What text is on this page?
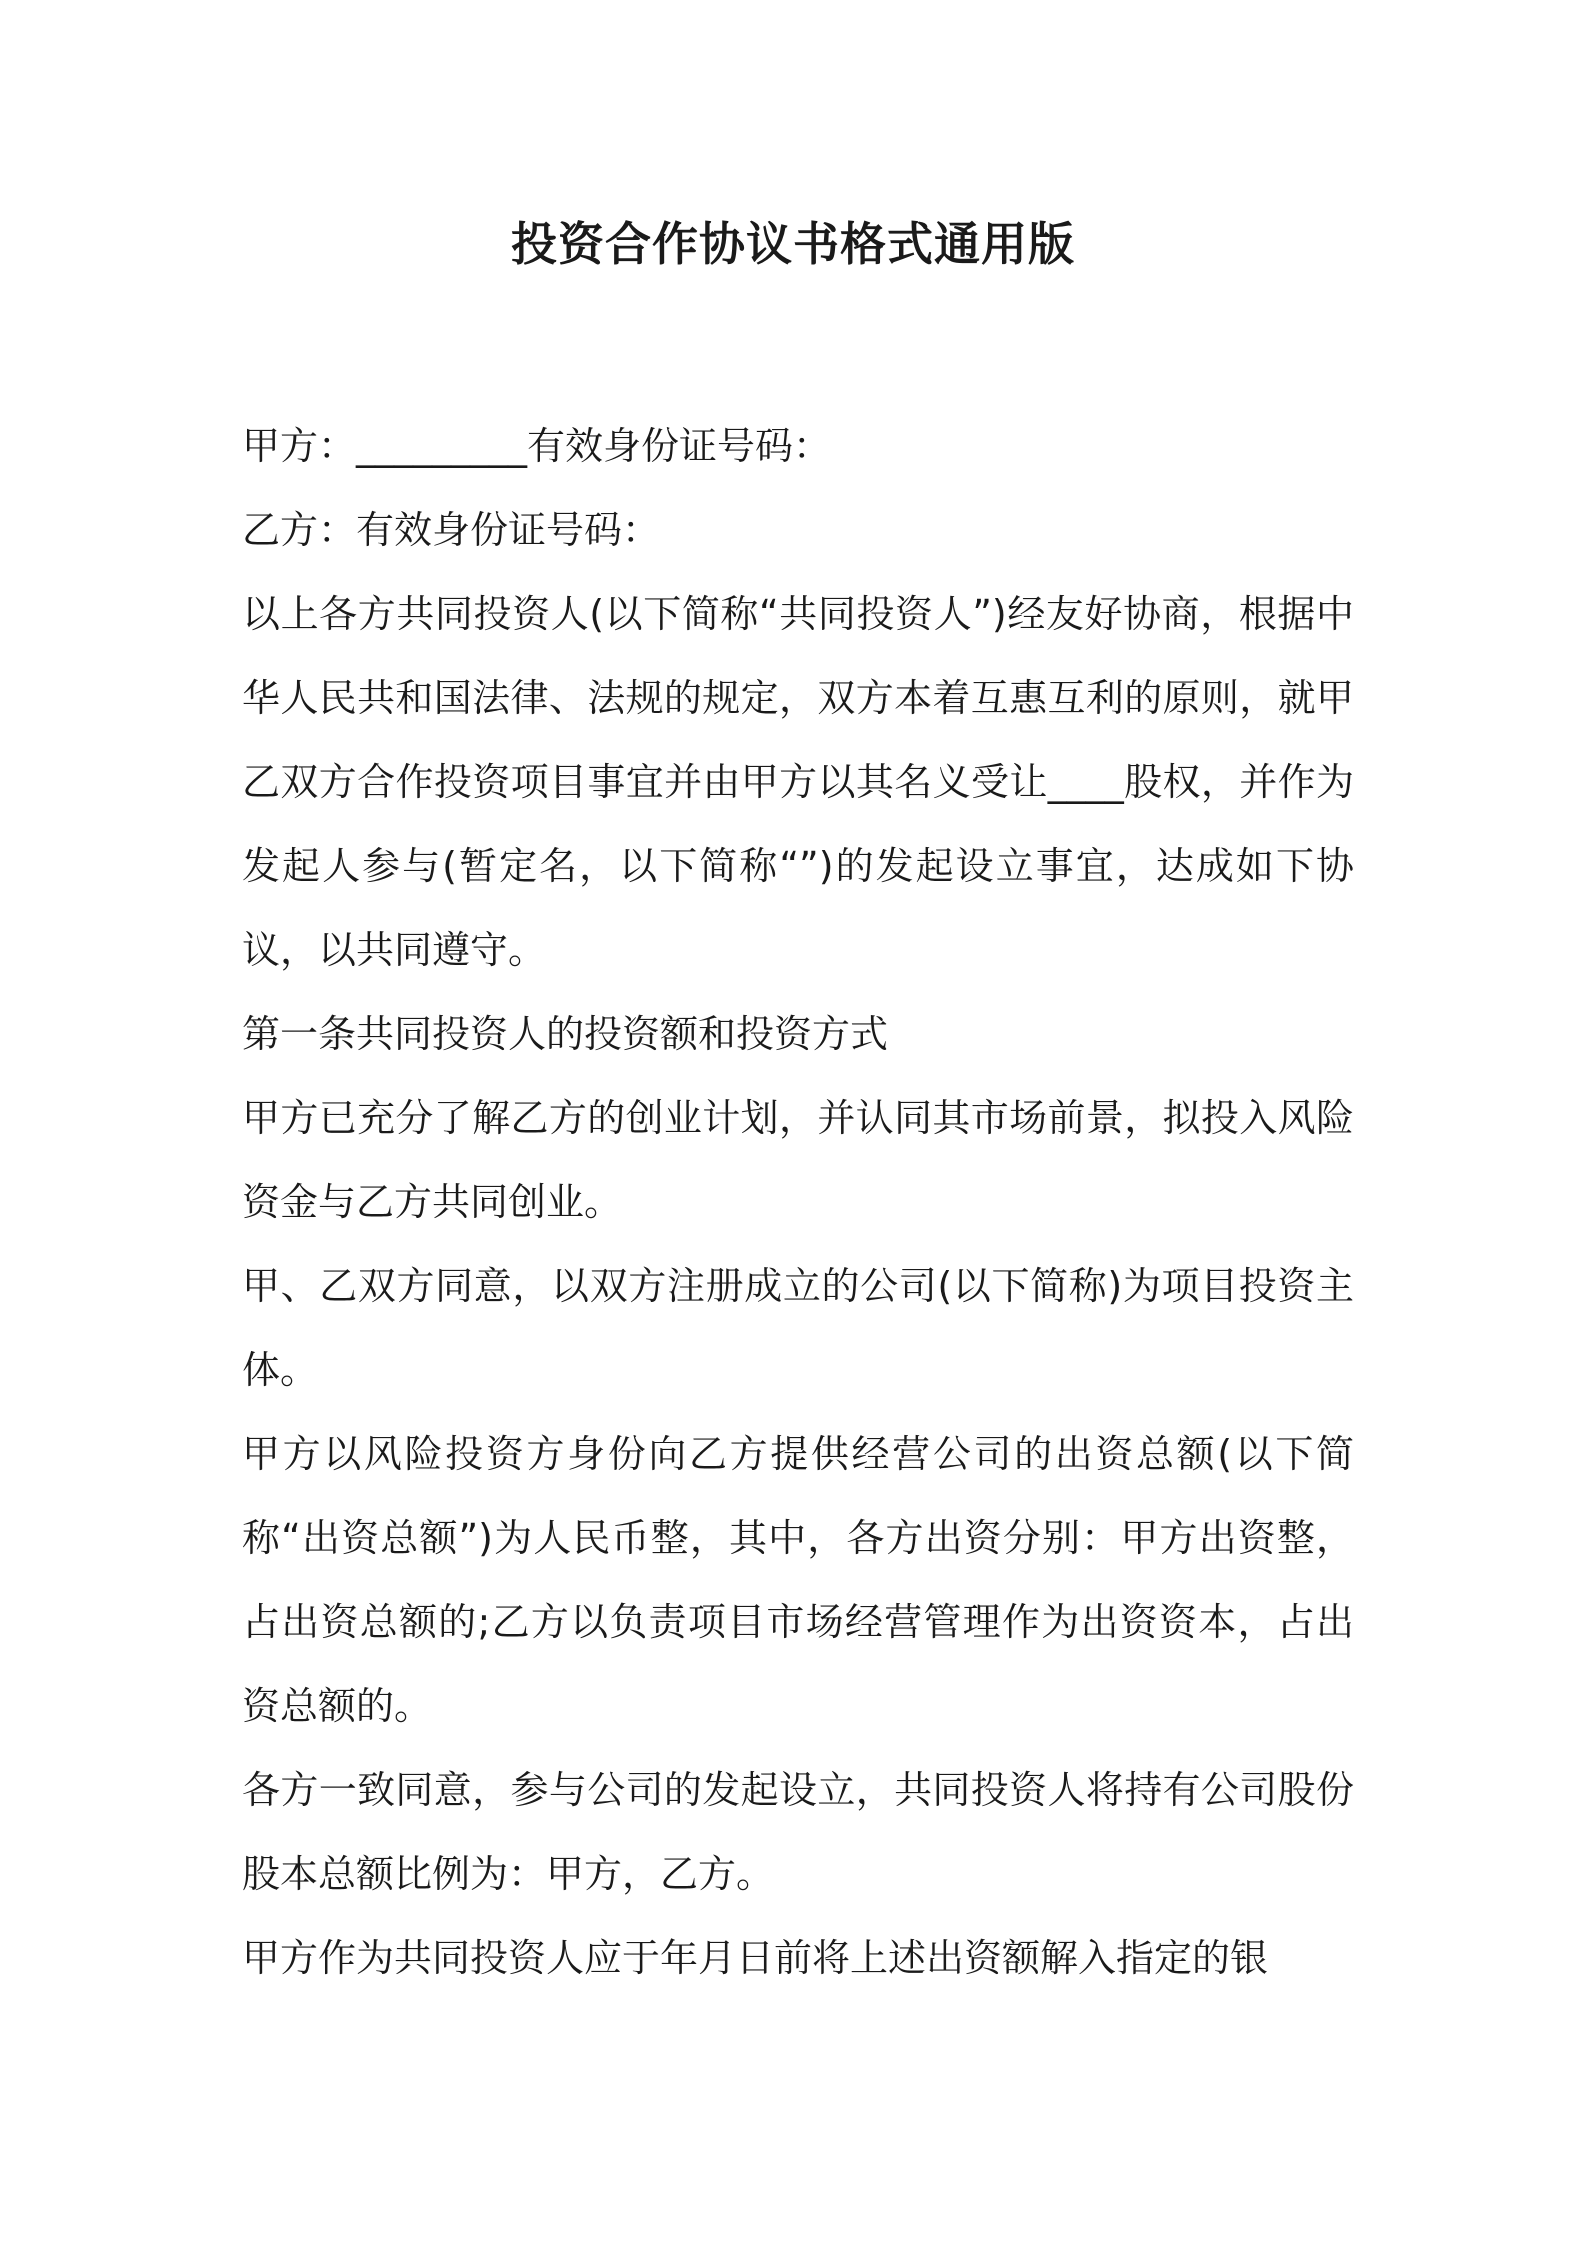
投资合作协议书格式通用版

甲方：_________有效身份证号码：

乙方：有效身份证号码：

以上各方共同投资人(以下简称“共同投资人”)经友好协商，根据中华人民共和国法律、法规的规定，双方本着互惠互利的原则，就甲乙双方合作投资项目事宜并由甲方以其名义受让____股权，并作为发起人参与(暂定名，以下简称“”)的发起设立事宜，达成如下协议，以共同遵守。

第一条共同投资人的投资额和投资方式

甲方已充分了解乙方的创业计划，并认同其市场前景，拟投入风险资金与乙方共同创业。

甲、乙双方同意，以双方注册成立的公司(以下简称)为项目投资主体。

甲方以风险投资方身份向乙方提供经营公司的出资总额(以下简称“出资总额”)为人民币整，其中，各方出资分别：甲方出资整，占出资总额的;乙方以负责项目市场经营管理作为出资资本，占出资总额的。

各方一致同意，参与公司的发起设立，共同投资人将持有公司股份股本总额比例为：甲方，乙方。

甲方作为共同投资人应于年月日前将上述出资额解入指定的银
